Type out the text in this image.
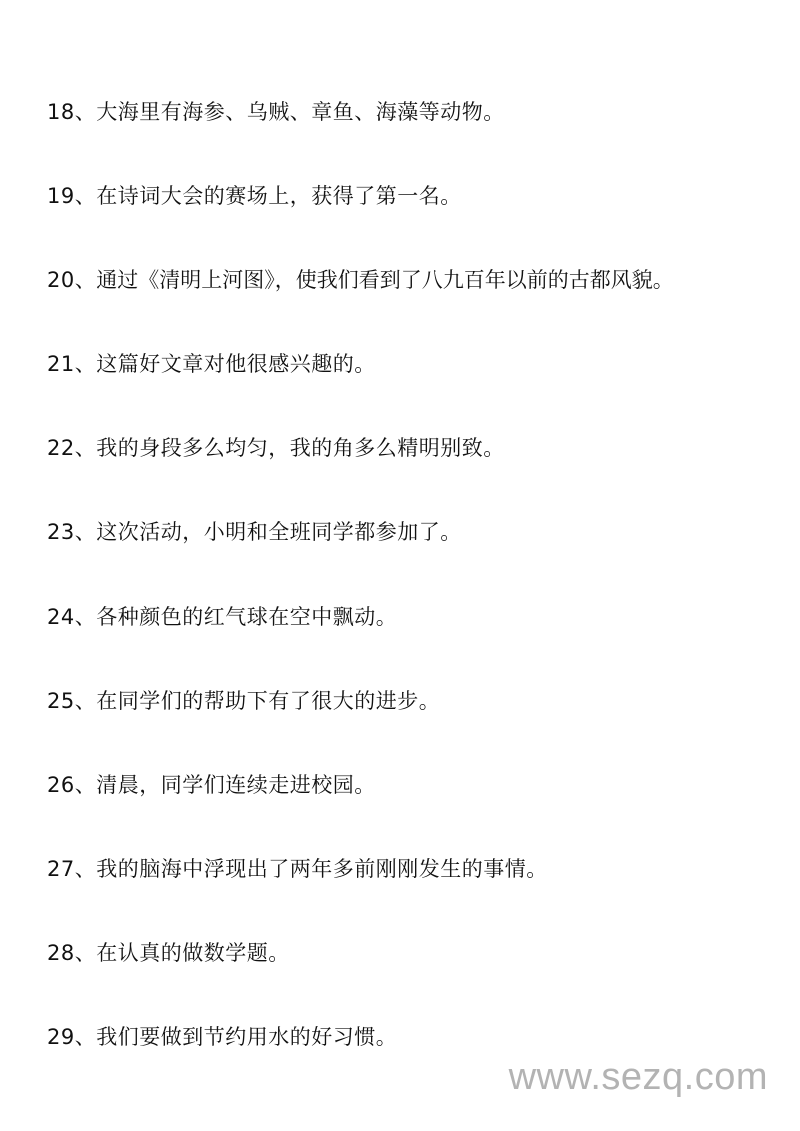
18、 大海里有海参、乌贼、章鱼、海藻等动物。
19、 在诗词大会的赛场上，获得了第一名。
20、 通过《清明上河图》，使我们看到了八九百年以前的古都风貌。
21、 这篇好文章对他很感兴趣的。
22、 我的身段多么均匀，我的角多么精明别致。
23、 这次活动，小明和全班同学都参加了。
24、 各种颜色的红气球在空中飘动。
25、 在同学们的帮助下有了很大的进步。
26、 清晨，同学们连续走进校园。
27、 我的脑海中浮现出了两年多前刚刚发生的事情。
28、 在认真的做数学题。
29、 我们要做到节约用水的好习惯。
www.sezq.com
